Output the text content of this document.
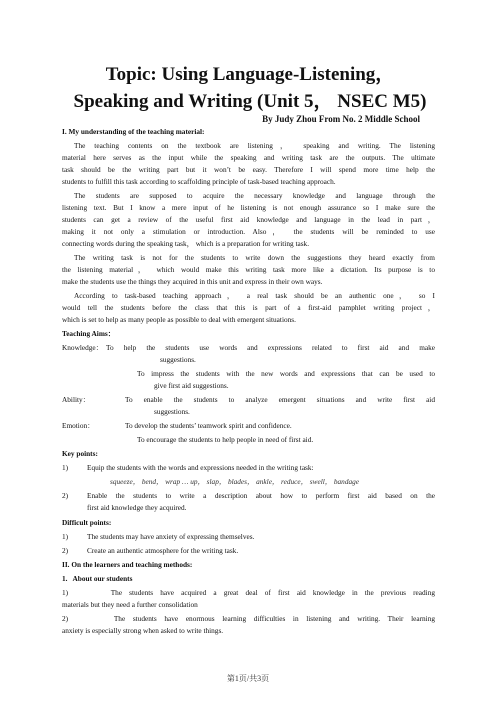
Topic: Using Language-Listening，
Speaking and Writing (Unit 5， NSEC M5)
By Judy Zhou From No. 2 Middle School
I. My understanding of the teaching material:
The teaching contents on the textbook are listening， speaking and writing. The listening
material here serves as the input while the speaking and writing task are the outputs. The ultimate
task should be the writing part but it won’t be easy. Therefore I will spend more time help the
students to fulfill this task according to scaffolding principle of task-based teaching approach.
The students are supposed to acquire the necessary knowledge and language through the
listening text. But I know a mere input of he listening is not enough assurance so I make sure the
students can get a review of the useful first aid knowledge and language in the lead in part，
making it not only a stimulation or introduction. Also， the students will be reminded to use
connecting words during the speaking task， which is a preparation for writing task.
The writing task is not for the students to write down the suggestions they heard exactly from
the listening material， which would make this writing task more like a dictation. Its purpose is to
make the students use the things they acquired in this unit and express in their own ways.
According to task-based teaching approach， a real task should be an authentic one， so I
would tell the students before the class that this is part of a first-aid pamphlet writing project，
which is set to help as many people as possible to deal with emergent situations.
Teaching Aims：
Knowledge： To help the students use words and expressions related to first aid and make
suggestions.
To impress the students with the new words and expressions that can be used to
give first aid suggestions.
Ability：	To enable the students to analyze emergent situations and write first aid
suggestions.
Emotion：	To develop the students’ teamwork spirit and confidence.
To encourage the students to help people in need of first aid.
Key points:
1)	Equip the students with the words and expressions needed in the writing task:
squeeze， bend， wrap … up， slap， blades， ankle， reduce， swell， bandage
2)	Enable the students to write a description about how to perform first aid based on the
first aid knowledge they acquired.
Difficult points:
1)	The students may have anxiety of expressing themselves.
2)	Create an authentic atmosphere for the writing task.
II. On the learners and teaching methods:
1.   About our students
1)      The students have acquired a great deal of first aid knowledge in the previous reading
materials but they need a further consolidation
2)      The students have enormous learning difficulties in listening and writing. Their learning
anxiety is especially strong when asked to write things.
第1页/共3页
